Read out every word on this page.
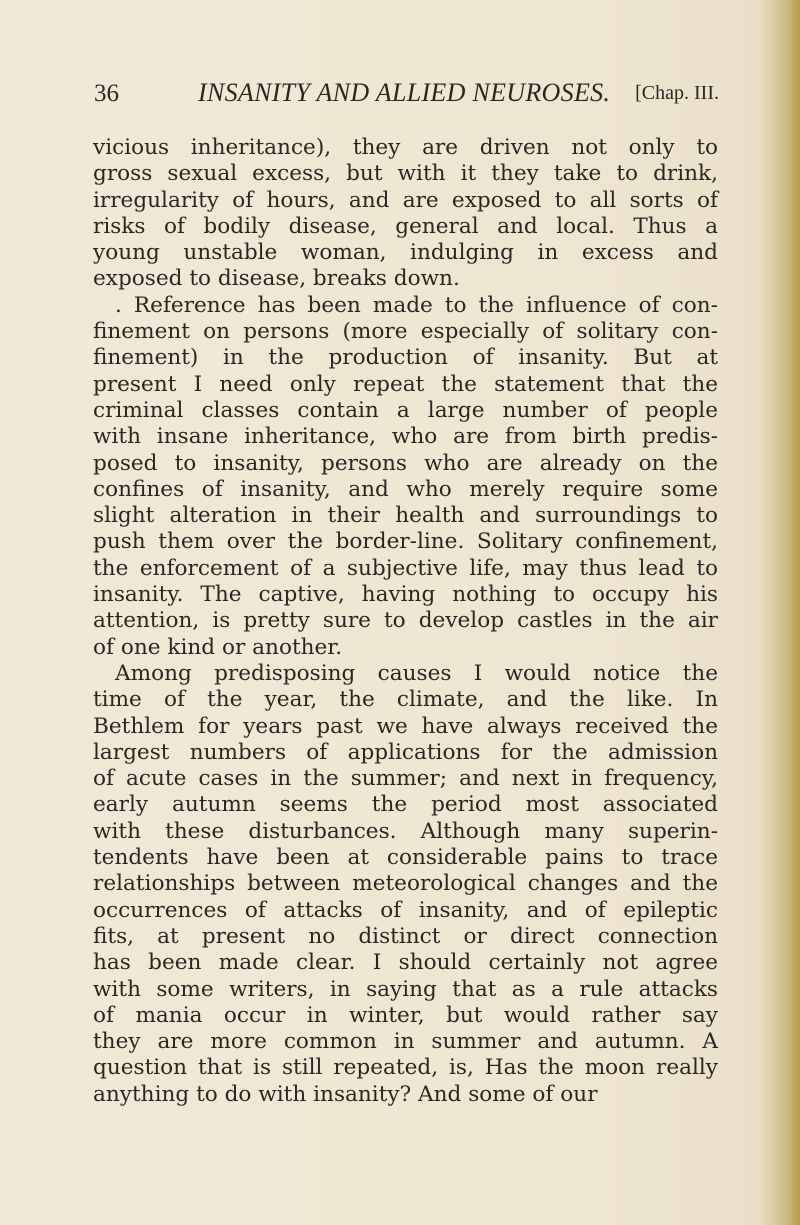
36	INSANITY AND ALLIED NEUROSES. [Chap. III.
vicious inheritance), they are driven not only to
gross sexual excess, but with it they take to drink,
irregularity of hours, and are exposed to all sorts of
risks of bodily disease, general and local. Thus a
young unstable woman, indulging in excess and
exposed to disease, breaks down.
. Reference has been made to the influence of con-
finement on persons (more especially of solitary con-
finement) in the production of insanity. But at
present I need only repeat the statement that the
criminal classes contain a large number of people
with insane inheritance, who are from birth predis-
posed to insanity, persons who are already on the
confines of insanity, and who merely require some
slight alteration in their health and surroundings to
push them over the border-line. Solitary confinement,
the enforcement of a subjective life, may thus lead to
insanity. The captive, having nothing to occupy his
attention, is pretty sure to develop castles in the air
of one kind or another.
Among predisposing causes I would notice the
time of the year, the climate, and the like. In
Bethlem for years past we have always received the
largest numbers of applications for the admission
of acute cases in the summer; and next in frequency,
early autumn seems the period most associated
with these disturbances. Although many superin-
tendents have been at considerable pains to trace
relationships between meteorological changes and the
occurrences of attacks of insanity, and of epileptic
fits, at present no distinct or direct connection
has been made clear. I should certainly not agree
with some writers, in saying that as a rule attacks
of mania occur in winter, but would rather say
they are more common in summer and autumn. A
question that is still repeated, is, Has the moon really
anything to do with insanity? And some of our
